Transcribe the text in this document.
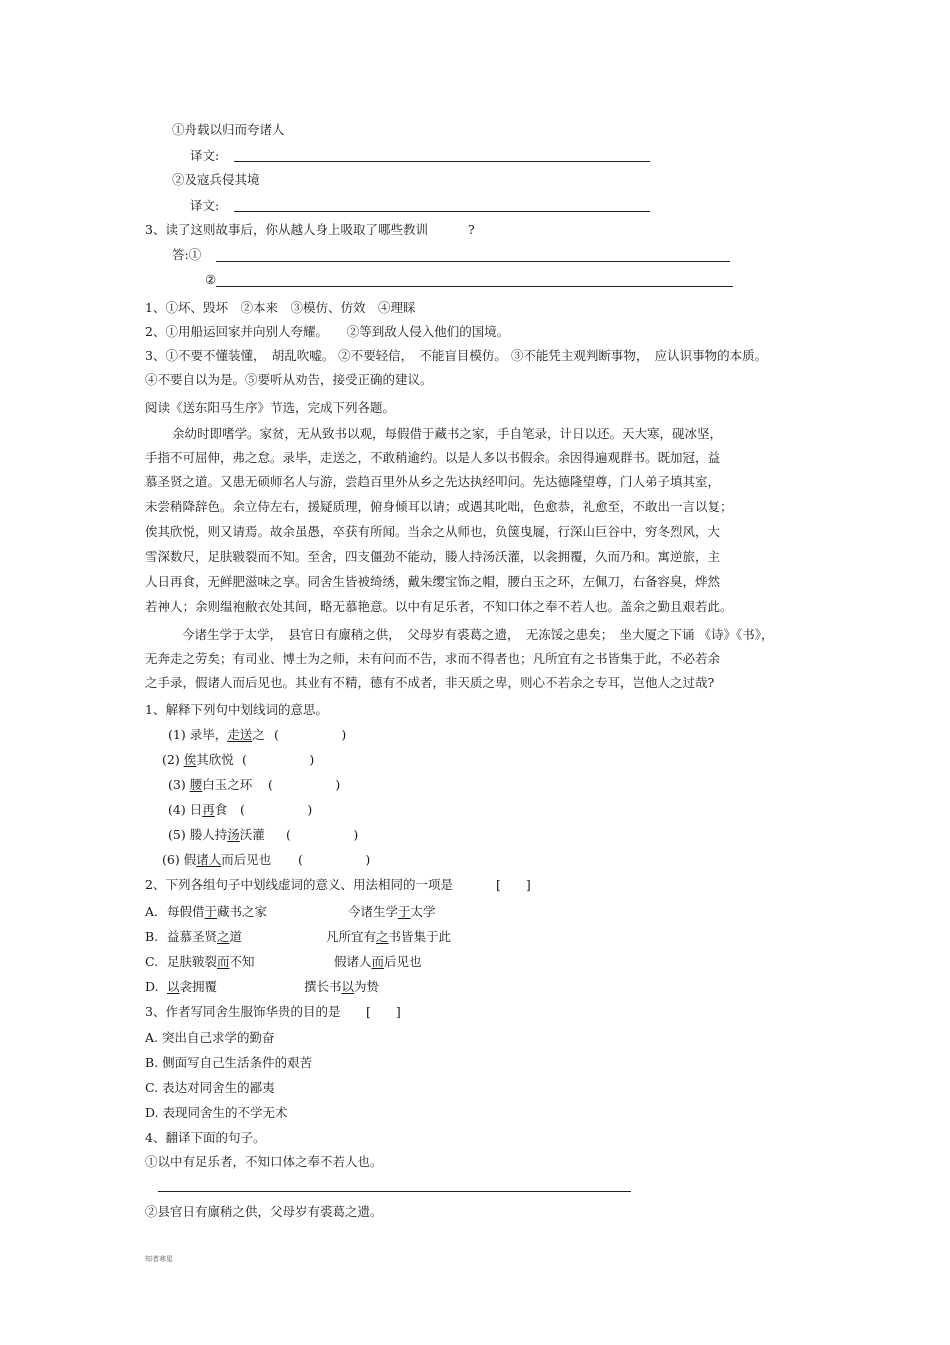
①舟载以归而夸诸人
译文:
②及寇兵侵其境
译文:
3、读了这则故事后，你从越人身上吸取了哪些教训	?
答:①
②
1、①坏、毁坏　②本来　③模仿、仿效　④理睬
2、①用船运回家并向别人夸耀。　　②等到敌人侵入他们的国境。
3、①不要不懂装懂，　胡乱吹嘘。 ②不要轻信，　不能盲目模仿。 ③不能凭主观判断事物，　应认识事物的本质。
④不要自以为是。⑤要听从劝告，接受正确的建议。
阅读《送东阳马生序》节选，完成下列各题。
余幼时即嗜学。家贫，无从致书以观，每假借于藏书之家，手自笔录，计日以还。天大寒，砚冰坚，
手指不可屈伸，弗之怠。录毕，走送之，不敢稍逾约。以是人多以书假余。余因得遍观群书。既加冠，益
慕圣贤之道。又患无硕师名人与游，尝趋百里外从乡之先达执经叩问。先达德隆望尊，门人弟子填其室，
未尝稍降辞色。余立侍左右，援疑质理，俯身倾耳以请；或遇其叱咄，色愈恭，礼愈至，不敢出一言以复；
俟其欣悦，则又请焉。故余虽愚，卒获有所闻。当余之从师也，负箧曳屣，行深山巨谷中，穷冬烈风，大
雪深数尺，足肤皲裂而不知。至舍，四支僵劲不能动，媵人持汤沃灌，以衾拥覆，久而乃和。寓逆旅，主
人日再食，无鲜肥滋味之享。同舍生皆被绮绣，戴朱缨宝饰之帽，腰白玉之环，左佩刀，右备容臭，烨然
若神人；余则缊袍敝衣处其间，略无慕艳意。以中有足乐者，不知口体之奉不若人也。盖余之勤且艰若此。
今诸生学于太学，　县官日有廪稍之供，　父母岁有裘葛之遗，　无冻馁之患矣；　坐大厦之下诵 《诗》《书》，
无奔走之劳矣；有司业、博士为之师，未有问而不告，求而不得者也；凡所宜有之书皆集于此，不必若余
之手录，假诸人而后见也。其业有不精，德有不成者，非天质之卑，则心不若余之专耳，岂他人之过哉?
1、解释下列句中划线词的意思。
(1) 录毕，走送之 (　　　　　)
(2) 俟其欣悦 (　　　　　)
(3) 腰白玉之环 (　　　　　)
(4) 日再食 (　　　　　)
(5) 媵人持汤沃灌 (　　　　　)
(6) 假诸人而后见也 (　　　　　)
2、下列各组句子中划线虚词的意义、用法相同的一项是	[　　]
A. 每假借于藏书之家	今诸生学于太学
B. 益慕圣贤之道	凡所宜有之书皆集于此
C. 足肤皲裂而不知	假诸人而后见也
D. 以衾拥覆	撰长书以为贽
3、作者写同舍生服饰华贵的目的是 [　　]
A. 突出自己求学的勤奋
B. 侧面写自己生活条件的艰苦
C. 表达对同舍生的鄙夷
D. 表现同舍生的不学无术
4、翻译下面的句子。
①以中有足乐者，不知口体之奉不若人也。
②县官日有廪稍之供，父母岁有裘葛之遗。
知者寒星
